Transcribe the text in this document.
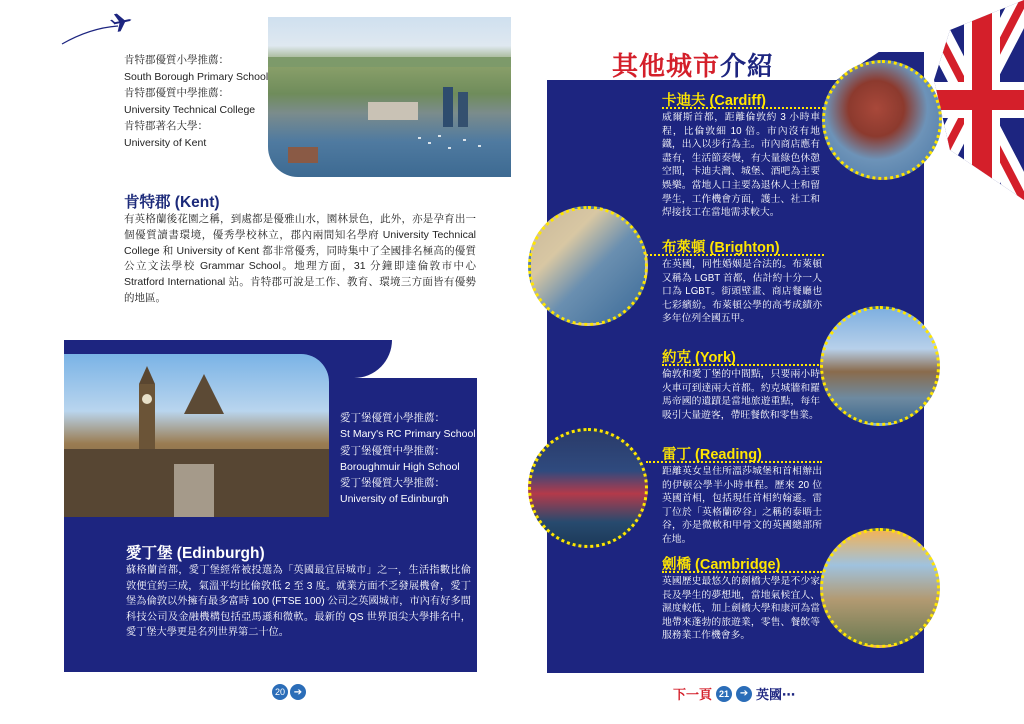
肯特郡優質小學推薦：
South Borough Primary School
肯特郡優質中學推薦：
University Technical College
肯特郡著名大學：
University of Kent
肯特郡 (Kent)
有英格蘭後花園之稱，到處都是優雅山水，園林景色，此外，亦是孕育出一個優質讀書環境，優秀學校林立，郡內兩間知名學府 University Technical College 和 University of Kent 都非常優秀，同時集中了全國排名極高的優質公立文法學校 Grammar School。地理方面，31 分鐘即達倫敦市中心 Stratford International 站。肯特郡可說是工作、教育、環境三方面皆有優勢的地區。
愛丁堡優質小學推薦：
St Mary's RC Primary School
愛丁堡優質中學推薦：
Boroughmuir High School
愛丁堡優質大學推薦：
University of Edinburgh
愛丁堡 (Edinburgh)
蘇格蘭首都，愛丁堡經常被投選為「英國最宜居城市」之一，生活指數比倫敦便宜約三成，氣溫平均比倫敦低 2 至 3 度。就業方面不乏發展機會，愛丁堡為倫敦以外擁有最多富時 100 (FTSE 100) 公司之英國城市，市內有好多間科技公司及金融機構包括亞馬遜和微軟。最新的 QS 世界頂尖大學排名中，愛丁堡大學更是名列世界第二十位。
20 ➔
其他城市介紹
卡迪夫 (Cardiff)
威爾斯首都，距離倫敦約 3 小時車程，比倫敦細 10 倍。市內沒有地鐵，出入以步行為主。市內商店應有盡有，生活節奏慢，有大量綠色休憩空間，卡迪夫灣、城堡、酒吧為主要娛樂。當地人口主要為退休人士和留學生，工作機會方面，護士、社工和焊接技工在當地需求較大。
布萊頓 (Brighton)
在英國，同性婚姻是合法的。布萊頓又稱為 LGBT 首都，估計約十分一人口為 LGBT。街頭壁畫、商店餐廳也七彩繽紛。布萊頓公學的高考成績亦多年位列全國五甲。
約克 (York)
倫敦和愛丁堡的中間點，只要兩小時火車可到達兩大首都。約克城牆和羅馬帝國的遺蹟是當地旅遊重點，每年吸引大量遊客，帶旺餐飲和零售業。
雷丁 (Reading)
距離英女皇住所溫莎城堡和首相辦出的伊顿公學半小時車程。歷來 20 位英國首相，包括現任首相約翰遜。雷丁位於「英格蘭矽谷」之稱的泰晤士谷，亦是微軟和甲骨文的英國總部所在地。
劍橋 (Cambridge)
英國歷史最悠久的劍橋大學是不少家長及學生的夢想地，當地氣候宜人、濕度較低，加上劍橋大學和康河為當地帶來蓬勃的旅遊業，零售、餐飲等服務業工作機會多。
下一頁 21	➔ 英國⋯
